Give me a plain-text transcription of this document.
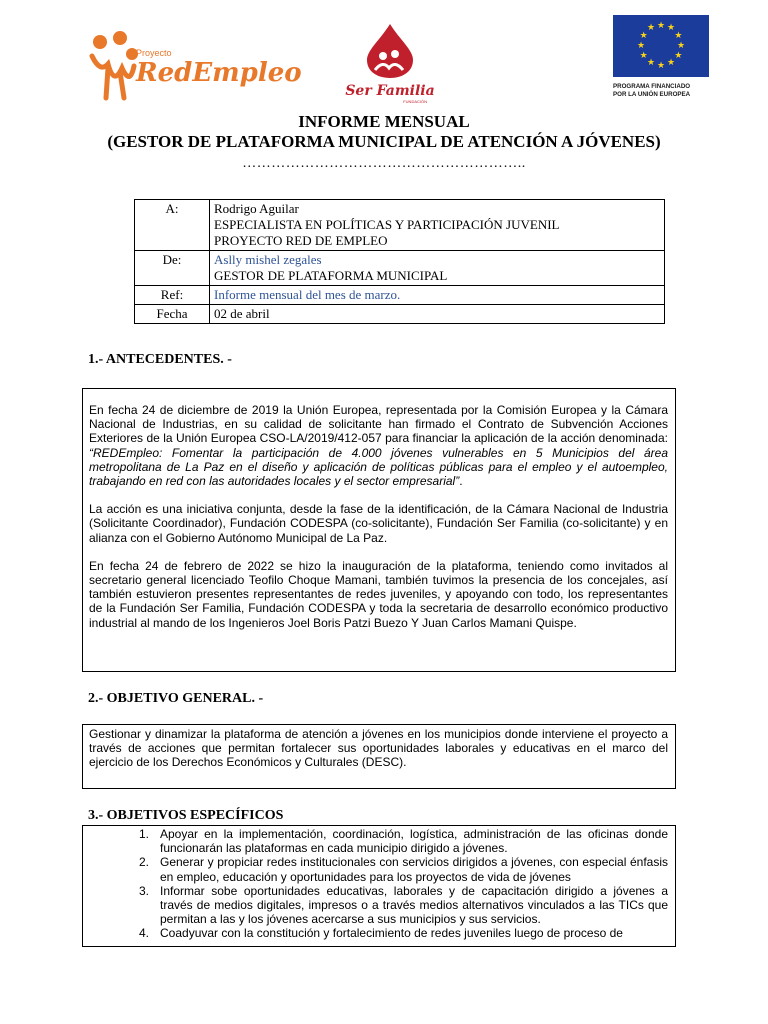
Proyecto
RedEmpleo
Ser Familia
FUNDACIÓN
★ ★
★
★
★
★
★
★
★
★
★
★
PROGRAMA FINANCIADO
POR LA UNIÓN EUROPEA
INFORME MENSUAL
(GESTOR DE PLATAFORMA MUNICIPAL DE ATENCIÓN A JÓVENES)
…………………………………………………..
A:	Rodrigo Aguilar
ESPECIALISTA EN POLÍTICAS Y PARTICIPACIÓN JUVENIL
PROYECTO RED DE EMPLEO

De:	Aslly mishel zegales
GESTOR DE PLATAFORMA MUNICIPAL

Ref:	Informe mensual del mes de marzo.
Fecha	02 de abril
1.- ANTECEDENTES. -

En fecha 24 de diciembre de 2019 la Unión Europea, representada por la Comisión Europea y la Cámara Nacional de Industrias, en su calidad de solicitante han firmado el Contrato de Subvención Acciones Exteriores de la Unión Europea CSO-LA/2019/412-057 para financiar la aplicación de la acción denominada: “REDEmpleo: Fomentar la participación de 4.000 jóvenes vulnerables en 5 Municipios del área metropolitana de La Paz en el diseño y aplicación de políticas públicas para el empleo y el autoempleo, trabajando en red con las autoridades locales y el sector empresarial”.

La acción es una iniciativa conjunta, desde la fase de la identificación, de la Cámara Nacional de Industria (Solicitante Coordinador), Fundación CODESPA (co-solicitante), Fundación Ser Familia (co-solicitante) y en alianza con el Gobierno Autónomo Municipal de La Paz.

En fecha 24 de febrero de 2022 se hizo la inauguración de la plataforma, teniendo como invitados al secretario general licenciado Teofilo Choque Mamani, también tuvimos la presencia de los concejales, así también estuvieron presentes representantes de redes juveniles, y apoyando con todo, los representantes de la Fundación Ser Familia, Fundación CODESPA y toda la secretaria de desarrollo económico productivo industrial al mando de los Ingenieros Joel Boris Patzi Buezo Y Juan Carlos Mamani Quispe.

2.- OBJETIVO GENERAL. -
Gestionar y dinamizar la plataforma de atención a jóvenes en los municipios donde interviene el proyecto a través de acciones que permitan fortalecer sus oportunidades laborales y educativas en el marco del ejercicio de los Derechos Económicos y Culturales (DESC).
3.- OBJETIVOS ESPECÍFICOS
1. Apoyar en la implementación, coordinación, logística, administración de las oficinas donde funcionarán las plataformas en cada municipio dirigido a jóvenes.
2. Generar y propiciar redes institucionales con servicios dirigidos a jóvenes, con especial énfasis en empleo, educación y oportunidades para los proyectos de vida de jóvenes
3. Informar sobe oportunidades educativas, laborales y de capacitación dirigido a jóvenes a través de medios digitales, impresos o a través medios alternativos vinculados a las TICs que permitan a las y los jóvenes acercarse a sus municipios y sus servicios.
4. Coadyuvar con la constitución y fortalecimiento de redes juveniles luego de proceso de
